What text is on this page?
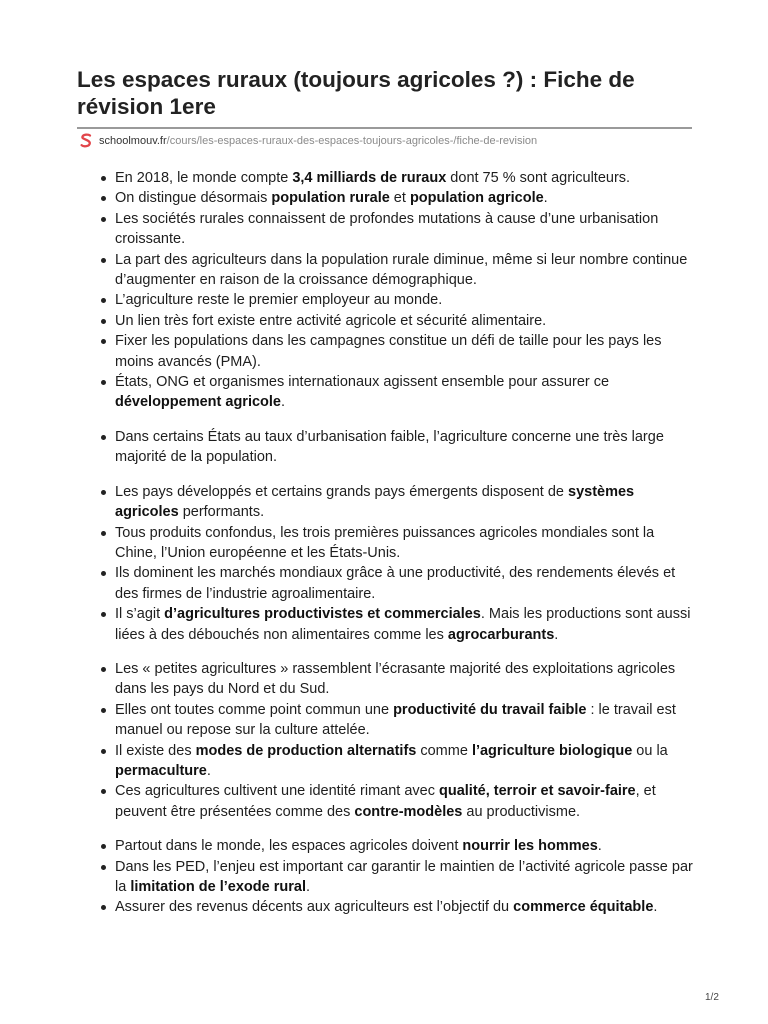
Les espaces ruraux (toujours agricoles ?) : Fiche de révision 1ere
schoolmouv.fr /cours/les-espaces-ruraux-des-espaces-toujours-agricoles-/fiche-de-revision
En 2018, le monde compte 3,4 milliards de ruraux dont 75 % sont agriculteurs.
On distingue désormais population rurale et population agricole.
Les sociétés rurales connaissent de profondes mutations à cause d’une urbanisation croissante.
La part des agriculteurs dans la population rurale diminue, même si leur nombre continue d’augmenter en raison de la croissance démographique.
L’agriculture reste le premier employeur au monde.
Un lien très fort existe entre activité agricole et sécurité alimentaire.
Fixer les populations dans les campagnes constitue un défi de taille pour les pays les moins avancés (PMA).
États, ONG et organismes internationaux agissent ensemble pour assurer ce développement agricole.
Dans certains États au taux d’urbanisation faible, l’agriculture concerne une très large majorité de la population.
Les pays développés et certains grands pays émergents disposent de systèmes agricoles performants.
Tous produits confondus, les trois premières puissances agricoles mondiales sont la Chine, l’Union européenne et les États-Unis.
Ils dominent les marchés mondiaux grâce à une productivité, des rendements élevés et des firmes de l’industrie agroalimentaire.
Il s’agit d’agricultures productivistes et commerciales. Mais les productions sont aussi liées à des débouchés non alimentaires comme les agrocarburants.
Les « petites agricultures » rassemblent l’écrasante majorité des exploitations agricoles dans les pays du Nord et du Sud.
Elles ont toutes comme point commun une productivité du travail faible : le travail est manuel ou repose sur la culture attelée.
Il existe des modes de production alternatifs comme l’agriculture biologique ou la permaculture.
Ces agricultures cultivent une identité rimant avec qualité, terroir et savoir-faire, et peuvent être présentées comme des contre-modèles au productivisme.
Partout dans le monde, les espaces agricoles doivent nourrir les hommes.
Dans les PED, l’enjeu est important car garantir le maintien de l’activité agricole passe par la limitation de l’exode rural.
Assurer des revenus décents aux agriculteurs est l’objectif du commerce équitable.
1/2
